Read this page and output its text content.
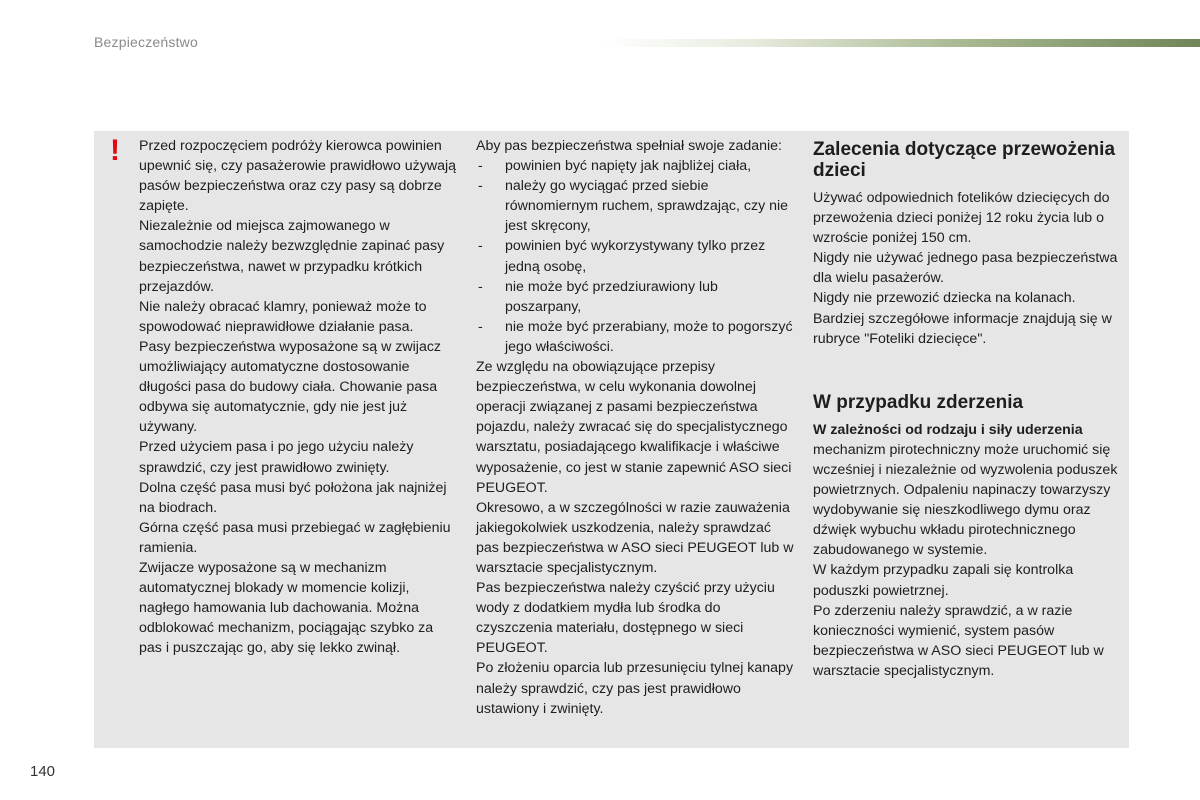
Bezpieczeństwo
! Przed rozpoczęciem podróży kierowca powinien upewnić się, czy pasażerowie prawidłowo używają pasów bezpieczeństwa oraz czy pasy są dobrze zapięte.

Niezależnie od miejsca zajmowanego w samochodzie należy bezwzględnie zapinać pasy bezpieczeństwa, nawet w przypadku krótkich przejazdów.

Nie należy obracać klamry, ponieważ może to spowodować nieprawidłowe działanie pasa.

Pasy bezpieczeństwa wyposażone są w zwijacz umożliwiający automatyczne dostosowanie długości pasa do budowy ciała. Chowanie pasa odbywa się automatycznie, gdy nie jest już używany.

Przed użyciem pasa i po jego użyciu należy sprawdzić, czy jest prawidłowo zwinięty.

Dolna część pasa musi być położona jak najniżej na biodrach.

Górna część pasa musi przebiegać w zagłębieniu ramienia.

Zwijacze wyposażone są w mechanizm automatycznej blokady w momencie kolizji, nagłego hamowania lub dachowania. Można odblokować mechanizm, pociągając szybko za pas i puszczając go, aby się lekko zwinął.

Aby pas bezpieczeństwa spełniał swoje zadanie:

- powinien być napięty jak najbliżej ciała,
- należy go wyciągać przed siebie równomiernym ruchem, sprawdzając, czy nie jest skręcony,
- powinien być wykorzystywany tylko przez jedną osobę,
- nie może być przedziurawiony lub poszarpany,
- nie może być przerabiany, może to pogorszyć jego właściwości.

Ze względu na obowiązujące przepisy bezpieczeństwa, w celu wykonania dowolnej operacji związanej z pasami bezpieczeństwa pojazdu, należy zwracać się do specjalistycznego warsztatu, posiadającego kwalifikacje i właściwe wyposażenie, co jest w stanie zapewnić ASO sieci PEUGEOT.

Okresowo, a w szczególności w razie zauważenia jakiegokolwiek uszkodzenia, należy sprawdzać pas bezpieczeństwa w ASO sieci PEUGEOT lub w warsztacie specjalistycznym.

Pas bezpieczeństwa należy czyścić przy użyciu wody z dodatkiem mydła lub środka do czyszczenia materiału, dostępnego w sieci PEUGEOT.

Po złożeniu oparcia lub przesunięciu tylnej kanapy należy sprawdzić, czy pas jest prawidłowo ustawiony i zwinięty.

Zalecenia dotyczące przewożenia dzieci

Używać odpowiednich fotelików dziecięcych do przewożenia dzieci poniżej 12 roku życia lub o wzroście poniżej 150 cm.

Nigdy nie używać jednego pasa bezpieczeństwa dla wielu pasażerów.

Nigdy nie przewozić dziecka na kolanach.

Bardziej szczegółowe informacje znajdują się w rubryce "Foteliki dziecięce".

W przypadku zderzenia

W zależności od rodzaju i siły uderzenia mechanizm pirotechniczny może uruchomić się wcześniej i niezależnie od wyzwolenia poduszek powietrznych. Odpaleniu napinaczy towarzyszy wydobywanie się nieszkodliwego dymu oraz dźwięk wybuchu wkładu pirotechnicznego zabudowanego w systemie.

W każdym przypadku zapali się kontrolka poduszki powietrznej.

Po zderzeniu należy sprawdzić, a w razie konieczności wymienić, system pasów bezpieczeństwa w ASO sieci PEUGEOT lub w warsztacie specjalistycznym.

140
